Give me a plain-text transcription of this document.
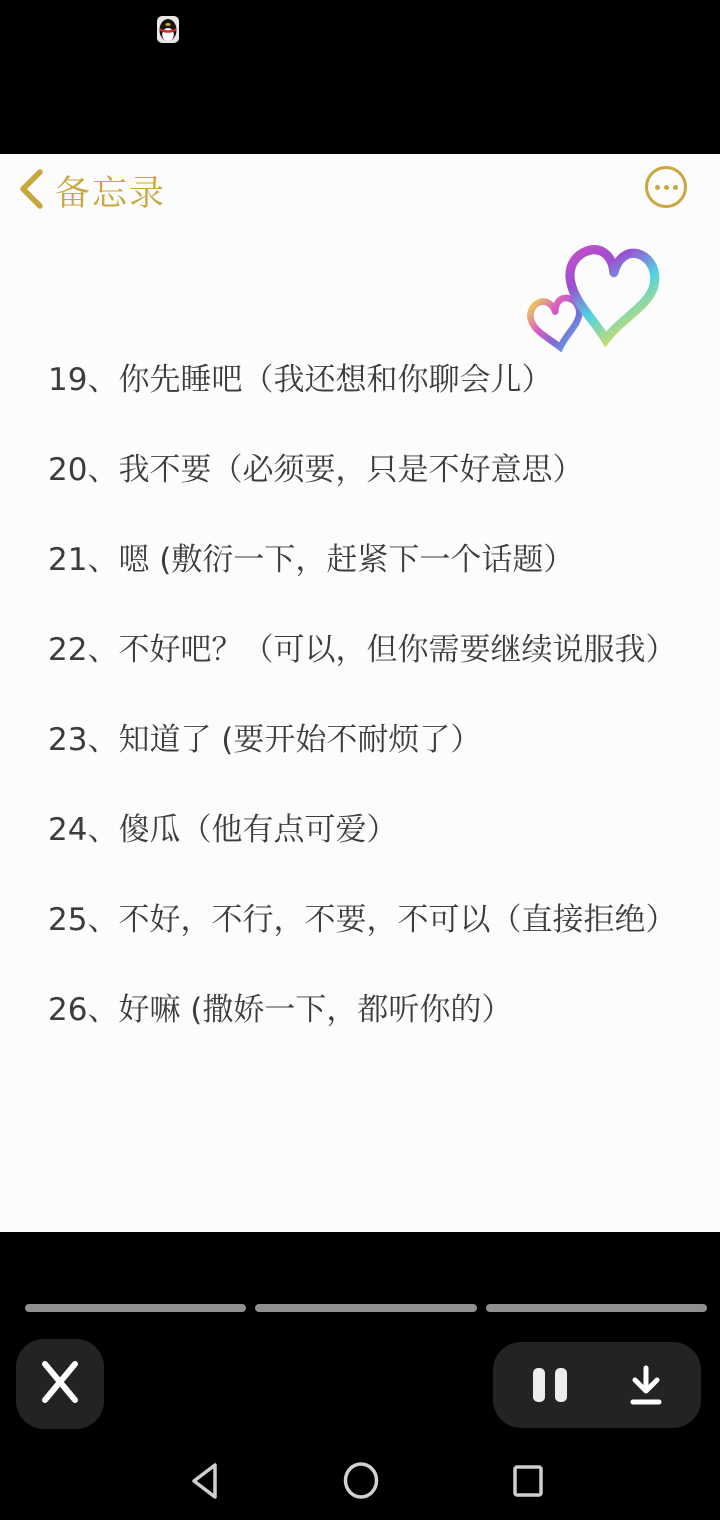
备忘录

19、你先睡吧（我还想和你聊会儿）

20、我不要（必须要，只是不好意思）

21、嗯 (敷衍一下，赶紧下一个话题）

22、不好吧？（可以，但你需要继续说服我）

23、知道了 (要开始不耐烦了）

24、傻瓜（他有点可爱）

25、不好，不行，不要，不可以（直接拒绝）

26、好嘛 (撒娇一下，都听你的）
